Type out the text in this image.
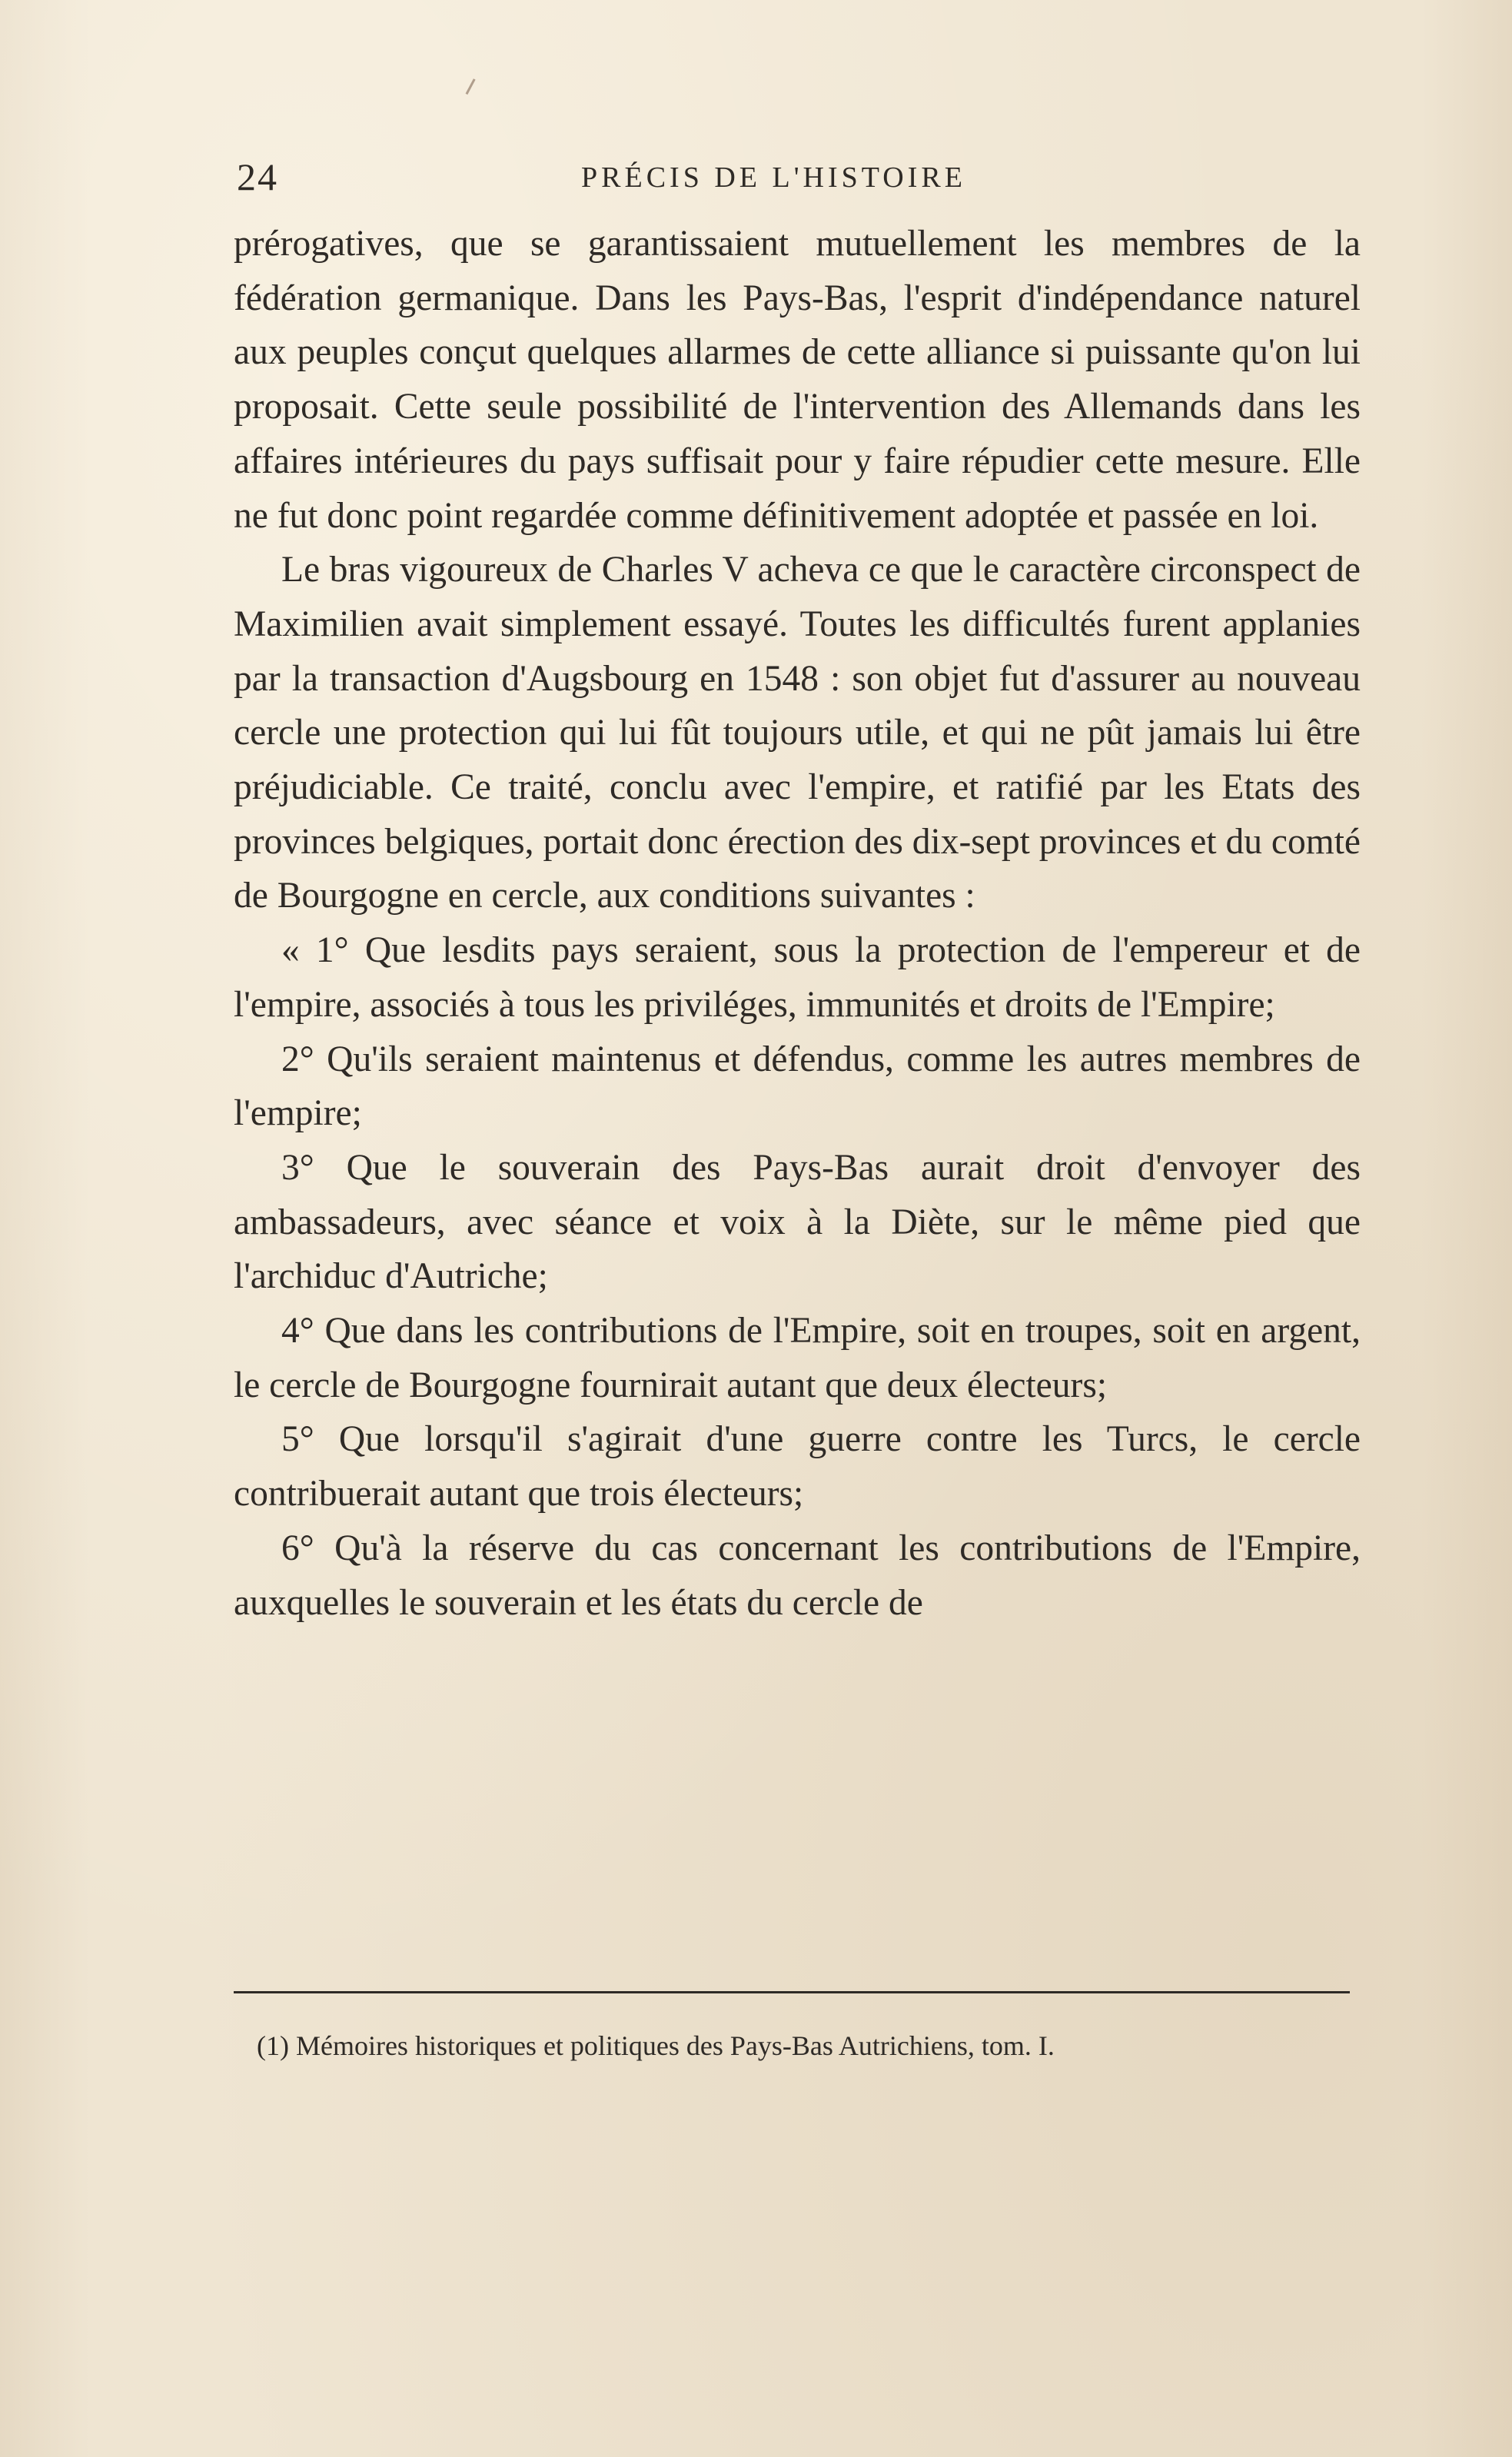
24	PRÉCIS DE L'HISTOIRE

prérogatives, que se garantissaient mutuellement les membres de la fédération germanique. Dans les Pays-Bas, l'esprit d'indépendance naturel aux peuples conçut quelques allarmes de cette alliance si puissante qu'on lui proposait. Cette seule possibilité de l'intervention des Allemands dans les affaires intérieures du pays suffisait pour y faire répudier cette mesure. Elle ne fut donc point regardée comme définitivement adoptée et passée en loi.

Le bras vigoureux de Charles V acheva ce que le caractère circonspect de Maximilien avait simplement essayé. Toutes les difficultés furent applanies par la transaction d'Augsbourg en 1548 : son objet fut d'assurer au nouveau cercle une protection qui lui fût toujours utile, et qui ne pût jamais lui être préjudiciable. Ce traité, conclu avec l'empire, et ratifié par les Etats des provinces belgiques, portait donc érection des dix-sept provinces et du comté de Bourgogne en cercle, aux conditions suivantes :

« 1° Que lesdits pays seraient, sous la protection de l'empereur et de l'empire, associés à tous les priviléges, immunités et droits de l'Empire;

2° Qu'ils seraient maintenus et défendus, comme les autres membres de l'empire;

3° Que le souverain des Pays-Bas aurait droit d'envoyer des ambassadeurs, avec séance et voix à la Diète, sur le même pied que l'archiduc d'Autriche;

4° Que dans les contributions de l'Empire, soit en troupes, soit en argent, le cercle de Bourgogne fournirait autant que deux électeurs;

5° Que lorsqu'il s'agirait d'une guerre contre les Turcs, le cercle contribuerait autant que trois électeurs;

6° Qu'à la réserve du cas concernant les contributions de l'Empire, auxquelles le souverain et les états du cercle de

(1) Mémoires historiques et politiques des Pays-Bas Autrichiens, tom. I.
